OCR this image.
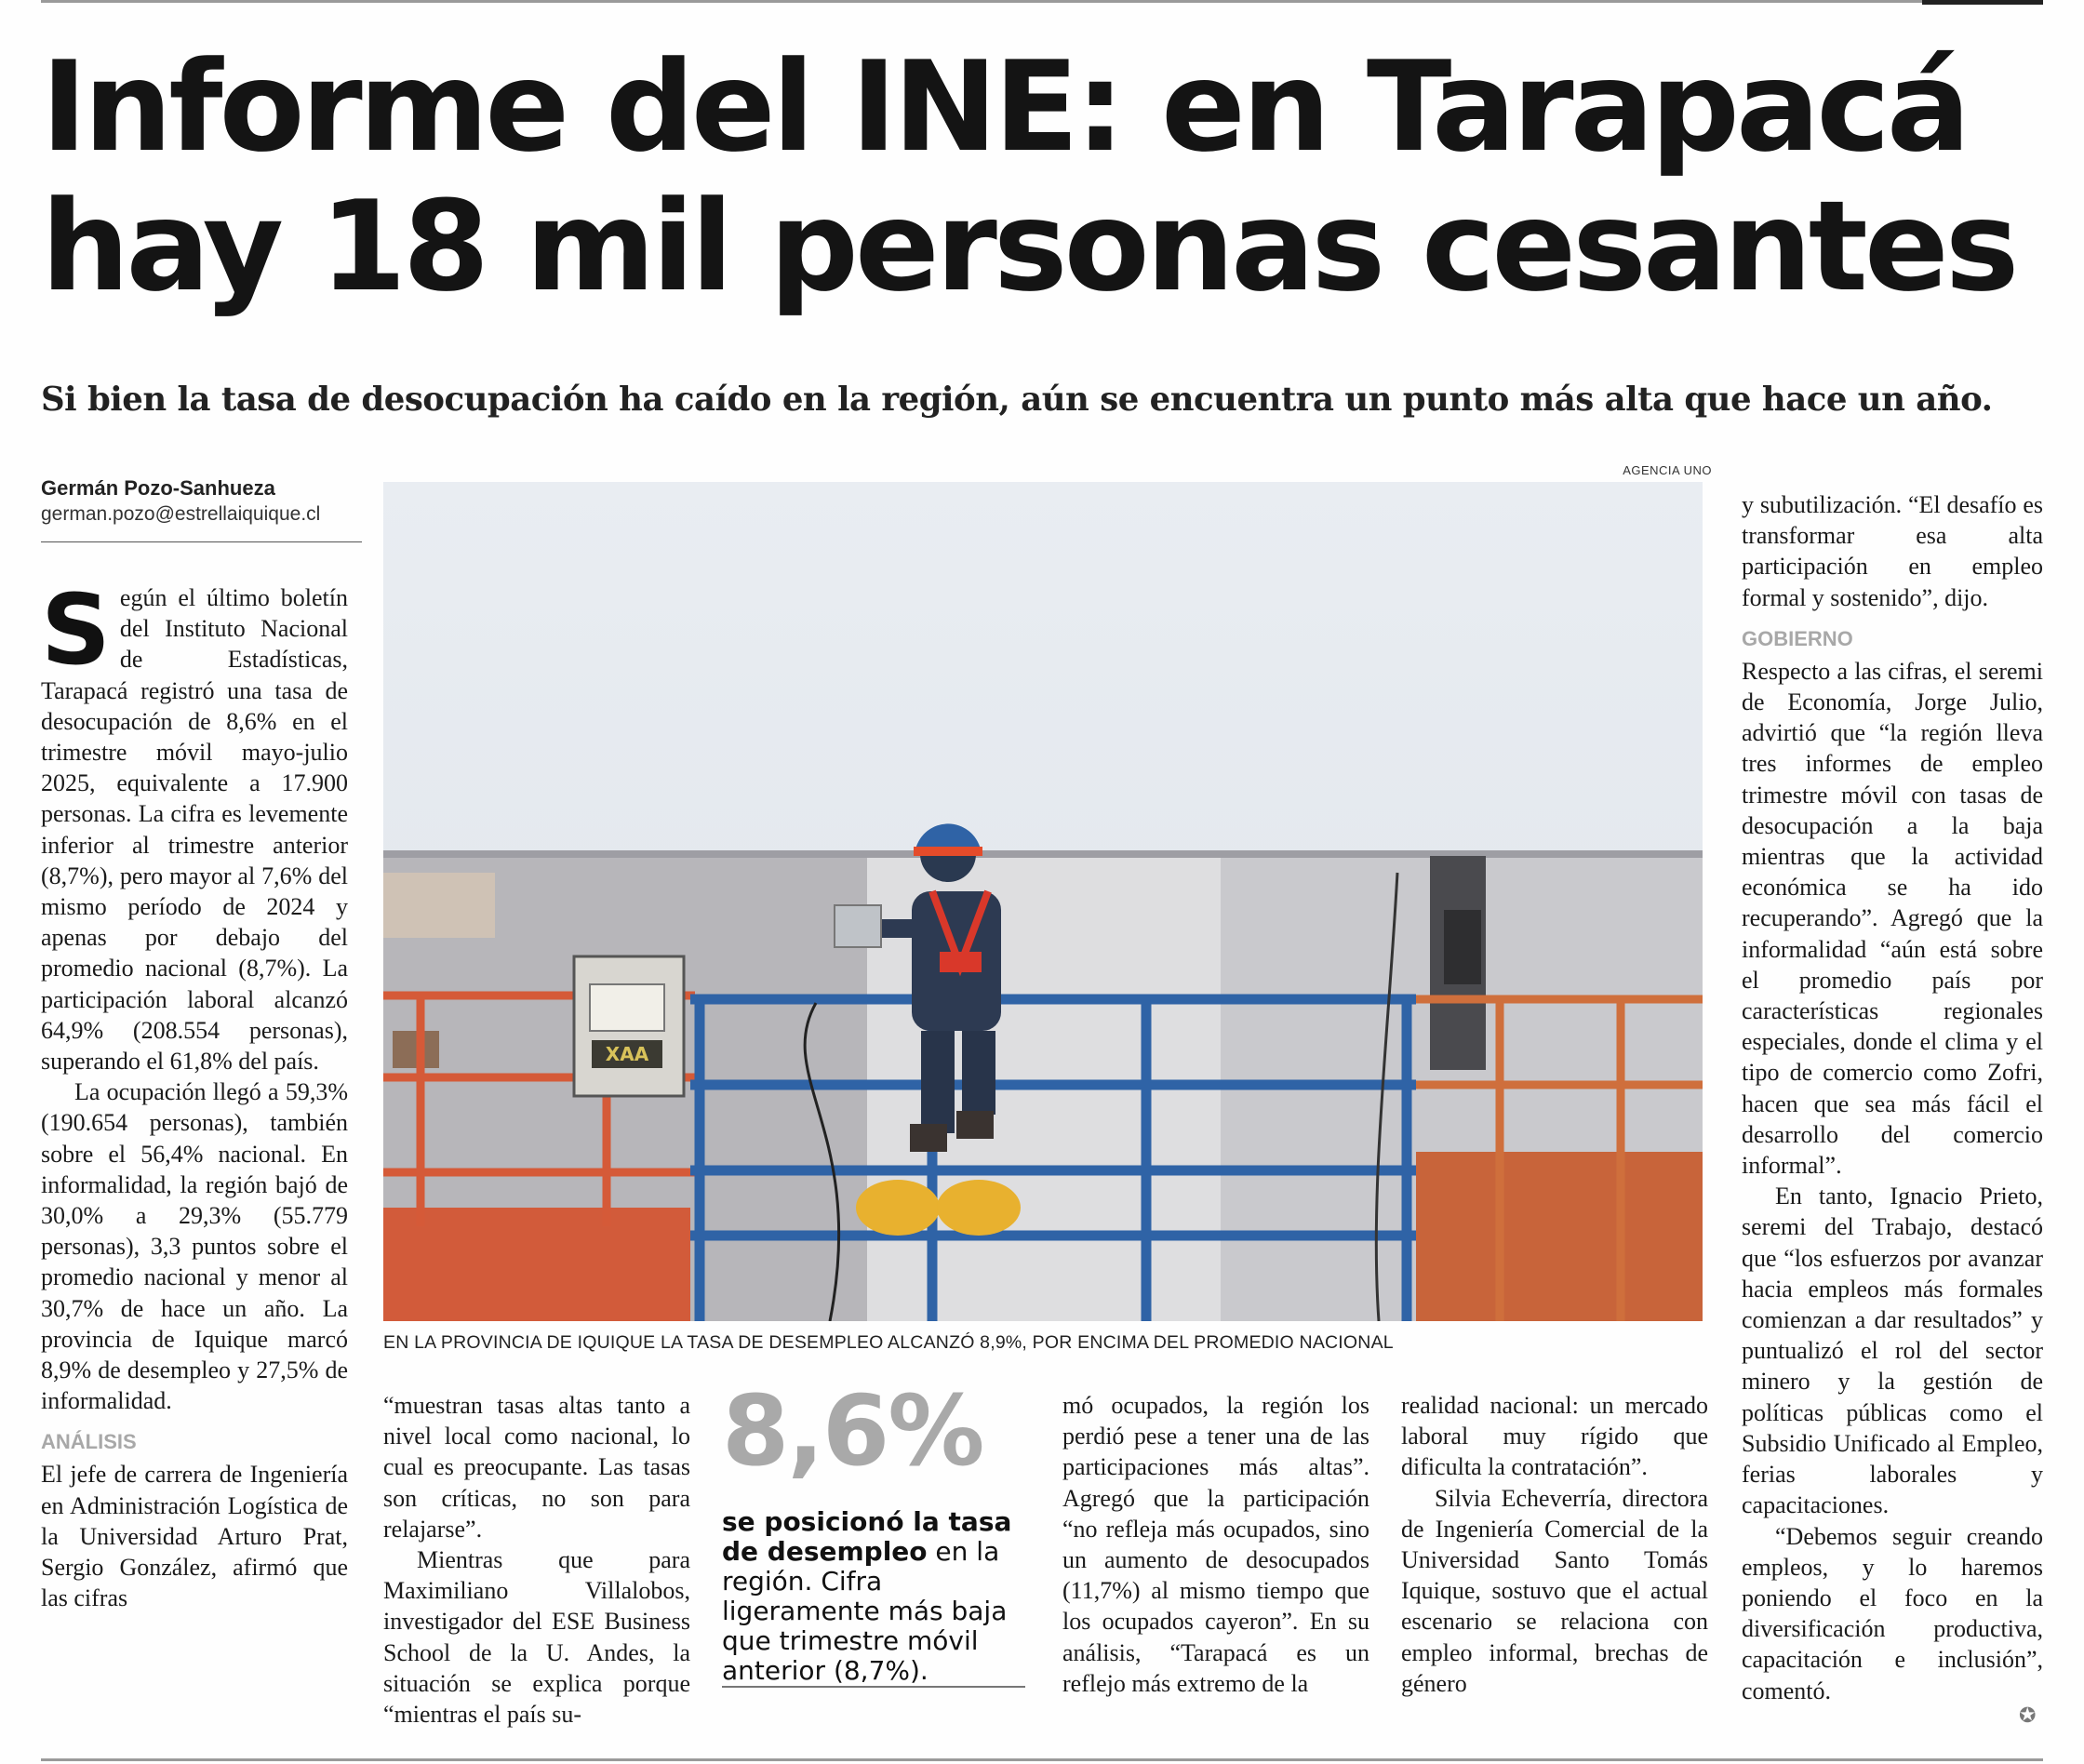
Informe del INE: en Tarapacá
hay 18 mil personas cesantes
Si bien la tasa de desocupación ha caído en la región, aún se encuentra un punto más alta que hace un año.
Germán Pozo-Sanhueza
german.pozo@estrellaiquique.cl

Según el último boletín del Instituto Nacional de Estadísticas, Tarapacá registró una tasa de desocupación de 8,6% en el trimestre móvil mayo-julio 2025, equivalente a 17.900 personas. La cifra es levemente inferior al trimestre anterior (8,7%), pero mayor al 7,6% del mismo período de 2024 y apenas por debajo del promedio nacional (8,7%). La participación laboral alcanzó 64,9% (208.554 personas), superando el 61,8% del país.

La ocupación llegó a 59,3% (190.654 personas), también sobre el 56,4% nacional. En informalidad, la región bajó de 30,0% a 29,3% (55.779 personas), 3,3 puntos sobre el promedio nacional y menor al 30,7% de hace un año. La provincia de Iquique marcó 8,9% de desempleo y 27,5% de informalidad.

ANÁLISIS

El jefe de carrera de Ingeniería en Administración Logística de la Universidad Arturo Prat, Sergio González, afirmó que las cifras

AGENCIA UNO
XAA
EN LA PROVINCIA DE IQUIQUE LA TASA DE DESEMPLEO ALCANZÓ 8,9%, POR ENCIMA DEL PROMEDIO NACIONAL

“muestran tasas altas tanto a nivel local como nacional, lo cual es preocupante. Las tasas son críticas, no son para relajarse”.

Mientras que para Maximiliano Villalobos, investigador del ESE Business School de la U. Andes, la situación se explica porque “mientras el país su-

8,6%
se posicionó la tasa de desempleo en la región. Cifra ligeramente más baja que trimestre móvil anterior (8,7%).

mó ocupados, la región los perdió pese a tener una de las participaciones más altas”. Agregó que la participación “no refleja más ocupados, sino un aumento de desocupados (11,7%) al mismo tiempo que los ocupados cayeron”. En su análisis, “Tarapacá es un reflejo más extremo de la

realidad nacional: un mercado laboral muy rígido que dificulta la contratación”.

Silvia Echeverría, directora de Ingeniería Comercial de la Universidad Santo Tomás Iquique, sostuvo que el actual escenario se relaciona con empleo informal, brechas de género

y subutilización. “El desafío es transformar esa alta participación en empleo formal y sostenido”, dijo.

GOBIERNO

Respecto a las cifras, el seremi de Economía, Jorge Julio, advirtió que “la región lleva tres informes de empleo trimestre móvil con tasas de desocupación a la baja mientras que la actividad económica se ha ido recuperando”. Agregó que la informalidad “aún está sobre el promedio país por características regionales especiales, donde el clima y el tipo de comercio como Zofri, hacen que sea más fácil el desarrollo del comercio informal”.

En tanto, Ignacio Prieto, seremi del Trabajo, destacó que “los esfuerzos por avanzar hacia empleos más formales comienzan a dar resultados” y puntualizó el rol del sector minero y la gestión de políticas públicas como el Subsidio Unificado al Empleo, ferias laborales y capacitaciones.

“Debemos seguir creando empleos, y lo haremos poniendo el foco en la diversificación productiva, capacitación e inclusión”, comentó.

✪
